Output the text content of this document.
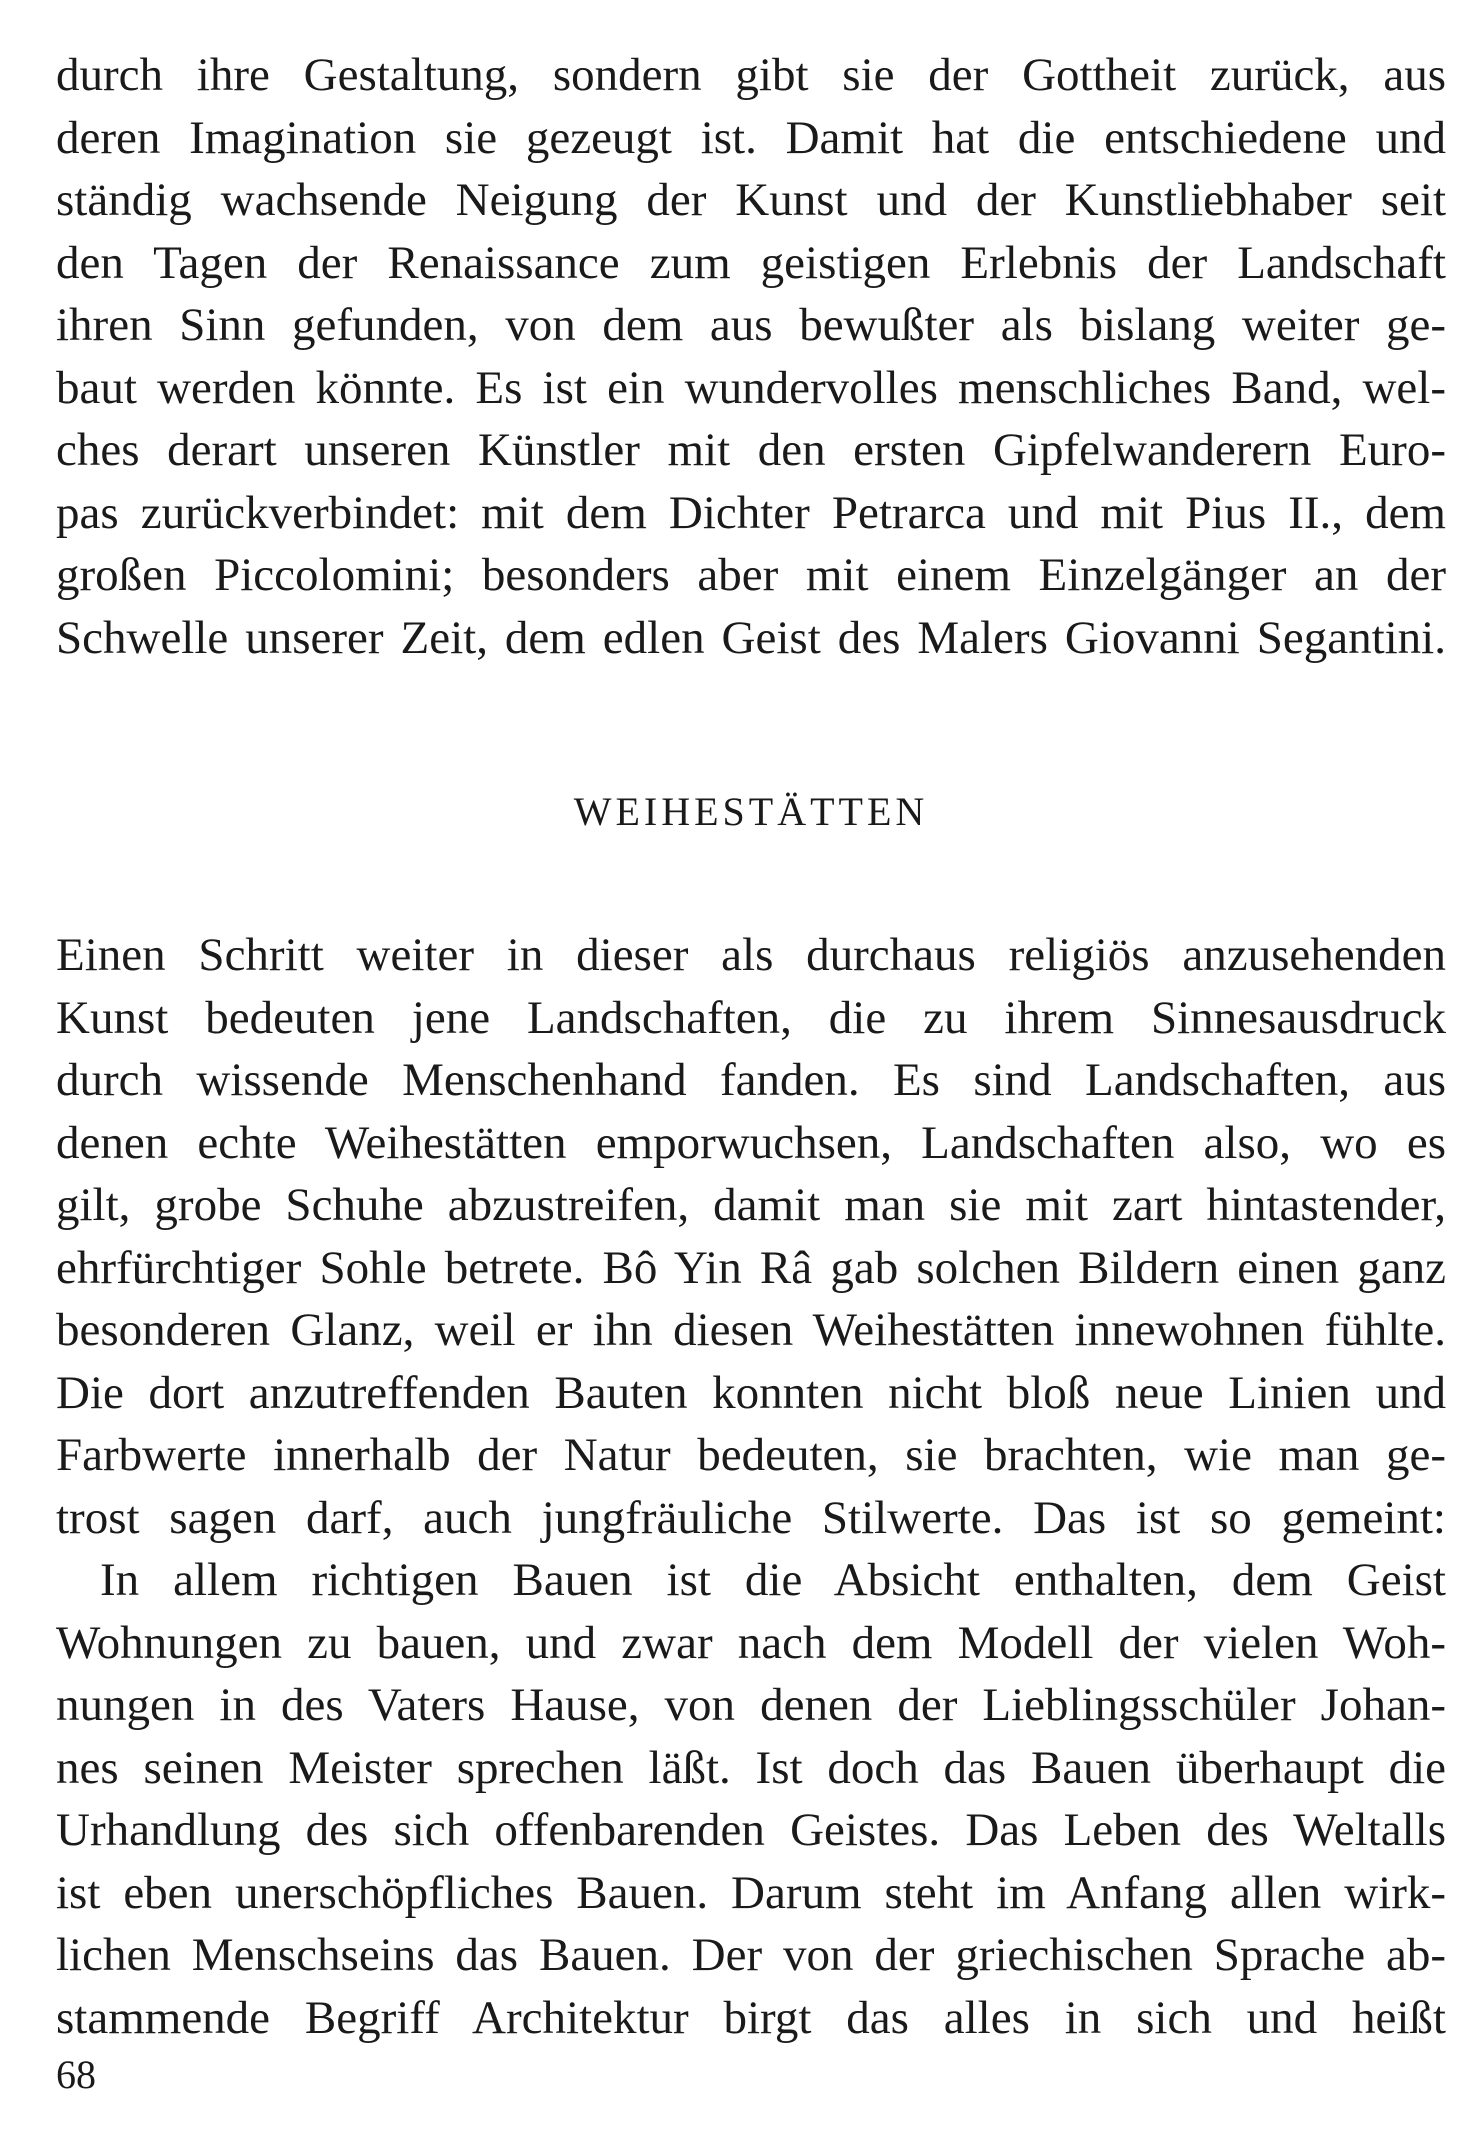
durch ihre Gestaltung, sondern gibt sie der Gottheit zurück, aus
deren Imagination sie gezeugt ist. Damit hat die entschiedene und
ständig wachsende Neigung der Kunst und der Kunstliebhaber seit
den Tagen der Renaissance zum geistigen Erlebnis der Landschaft
ihren Sinn gefunden, von dem aus bewußter als bislang weiter ge-
baut werden könnte. Es ist ein wundervolles menschliches Band, wel-
ches derart unseren Künstler mit den ersten Gipfelwanderern Euro-
pas zurückverbindet: mit dem Dichter Petrarca und mit Pius II., dem
großen Piccolomini; besonders aber mit einem Einzelgänger an der
Schwelle unserer Zeit, dem edlen Geist des Malers Giovanni Segantini.
WEIHESTÄTTEN
Einen Schritt weiter in dieser als durchaus religiös anzusehenden
Kunst bedeuten jene Landschaften, die zu ihrem Sinnesausdruck
durch wissende Menschenhand fanden. Es sind Landschaften, aus
denen echte Weihestätten emporwuchsen, Landschaften also, wo es
gilt, grobe Schuhe abzustreifen, damit man sie mit zart hintastender,
ehrfürchtiger Sohle betrete. Bô Yin Râ gab solchen Bildern einen ganz
besonderen Glanz, weil er ihn diesen Weihestätten innewohnen fühlte.
Die dort anzutreffenden Bauten konnten nicht bloß neue Linien und
Farbwerte innerhalb der Natur bedeuten, sie brachten, wie man ge-
trost sagen darf, auch jungfräuliche Stilwerte. Das ist so gemeint:
In allem richtigen Bauen ist die Absicht enthalten, dem Geist
Wohnungen zu bauen, und zwar nach dem Modell der vielen Woh-
nungen in des Vaters Hause, von denen der Lieblingsschüler Johan-
nes seinen Meister sprechen läßt. Ist doch das Bauen überhaupt die
Urhandlung des sich offenbarenden Geistes. Das Leben des Weltalls
ist eben unerschöpfliches Bauen. Darum steht im Anfang allen wirk-
lichen Menschseins das Bauen. Der von der griechischen Sprache ab-
stammende Begriff Architektur birgt das alles in sich und heißt
68
